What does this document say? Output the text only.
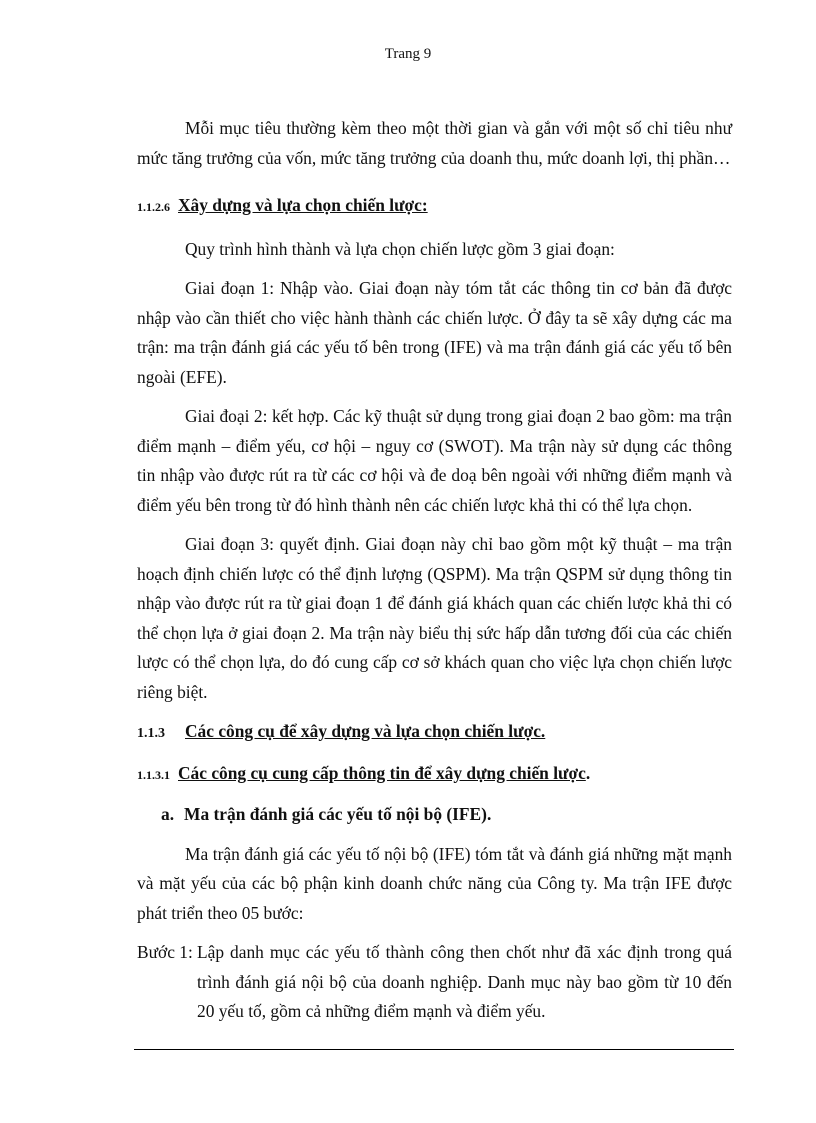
Trang 9

Mỗi mục tiêu thường kèm theo một thời gian và gắn với một số chỉ tiêu như mức tăng trưởng của vốn, mức tăng trưởng của doanh thu, mức doanh lợi, thị phần…

1.1.2.6 Xây dựng và lựa chọn chiến lược:

Quy trình hình thành và lựa chọn chiến lược gồm 3 giai đoạn:

Giai đoạn 1: Nhập vào. Giai đoạn này tóm tắt các thông tin cơ bản đã được nhập vào cần thiết cho việc hành thành các chiến lược. Ở đây ta sẽ xây dựng các ma trận: ma trận đánh giá các yếu tố bên trong (IFE) và ma trận đánh giá các yếu tố bên ngoài (EFE).

Giai đoại 2: kết hợp. Các kỹ thuật sử dụng trong giai đoạn 2 bao gồm: ma trận điểm mạnh – điểm yếu, cơ hội – nguy cơ (SWOT). Ma trận này sử dụng các thông tin nhập vào được rút ra từ các cơ hội và đe doạ bên ngoài với những điểm mạnh và điểm yếu bên trong từ đó hình thành nên các chiến lược khả thi có thể lựa chọn.

Giai đoạn 3: quyết định. Giai đoạn này chỉ bao gồm một kỹ thuật – ma trận hoạch định chiến lược có thể định lượng (QSPM). Ma trận QSPM sử dụng thông tin nhập vào được rút ra từ giai đoạn 1 để đánh giá khách quan các chiến lược khả thi có thể chọn lựa ở giai đoạn 2. Ma trận này biểu thị sức hấp dẫn tương đối của các chiến lược có thể chọn lựa, do đó cung cấp cơ sở khách quan cho việc lựa chọn chiến lược riêng biệt.

1.1.3 Các công cụ để xây dựng và lựa chọn chiến lược.
1.1.3.1 Các công cụ cung cấp thông tin để xây dựng chiến lược.
a. Ma trận đánh giá các yếu tố nội bộ (IFE).

Ma trận đánh giá các yếu tố nội bộ (IFE) tóm tắt và đánh giá những mặt mạnh và mặt yếu của các bộ phận kinh doanh chức năng của Công ty. Ma trận IFE được phát triển theo 05 bước:

Bước 1: Lập danh mục các yếu tố thành công then chốt như đã xác định trong quá trình đánh giá nội bộ của doanh nghiệp. Danh mục này bao gồm từ 10 đến 20 yếu tố, gồm cả những điểm mạnh và điểm yếu.
